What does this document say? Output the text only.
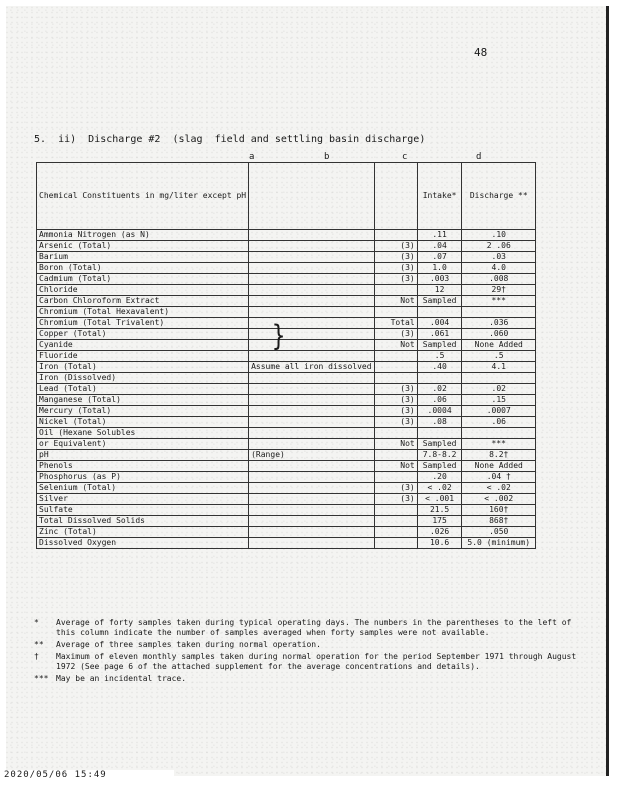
48
5.  ii)  Discharge #2  (slag  field and settling basin discharge)
a	b	c	d
Chemical Constituents in mg/liter except pH			Intake*	Discharge **
Ammonia Nitrogen (as N)			.11	.10
Arsenic (Total)		(3)	.04	2 .06
Barium		(3)	.07	.03
Boron (Total)		(3)	1.0	4.0
Cadmium (Total)		(3)	.003	.008
Chloride			12	29†
Carbon Chloroform Extract		Not	Sampled	***
Chromium (Total Hexavalent)				
Chromium (Total Trivalent)		Total	.004	.036
Copper (Total)		(3)	.061	.060
Cyanide		Not	Sampled	None Added
Fluoride			.5	.5
Iron (Total)	Assume all iron dissolved		.40	4.1
Iron (Dissolved)				
Lead (Total)		(3)	.02	.02
Manganese (Total)		(3)	.06	.15
Mercury (Total)		(3)	.0004	.0007
Nickel (Total)		(3)	.08	.06
Oil (Hexane Solubles				
or Equivalent)		Not	Sampled	***
pH	(Range)		7.8-8.2	8.2†
Phenols		Not	Sampled	None Added
Phosphorus (as P)			.20	.04 †
Selenium (Total)		(3)	< .02	< .02
Silver		(3)	< .001	< .002
Sulfate			21.5	160†
Total Dissolved Solids			175	868†
Zinc (Total)			.026	.050
Dissolved Oxygen			10.6	5.0 (minimum)
}
*	Average of forty samples taken during typical operating days. The numbers in the parentheses to the left of this column indicate the number of samples averaged when forty samples were not available.
**	Average of three samples taken during normal operation.
†	Maximum of eleven monthly samples taken during normal operation for the period September 1971 through August 1972 (See page 6 of the attached supplement for the average concentrations and details).
*** May be an incidental trace.
2020/05/06 15:49
